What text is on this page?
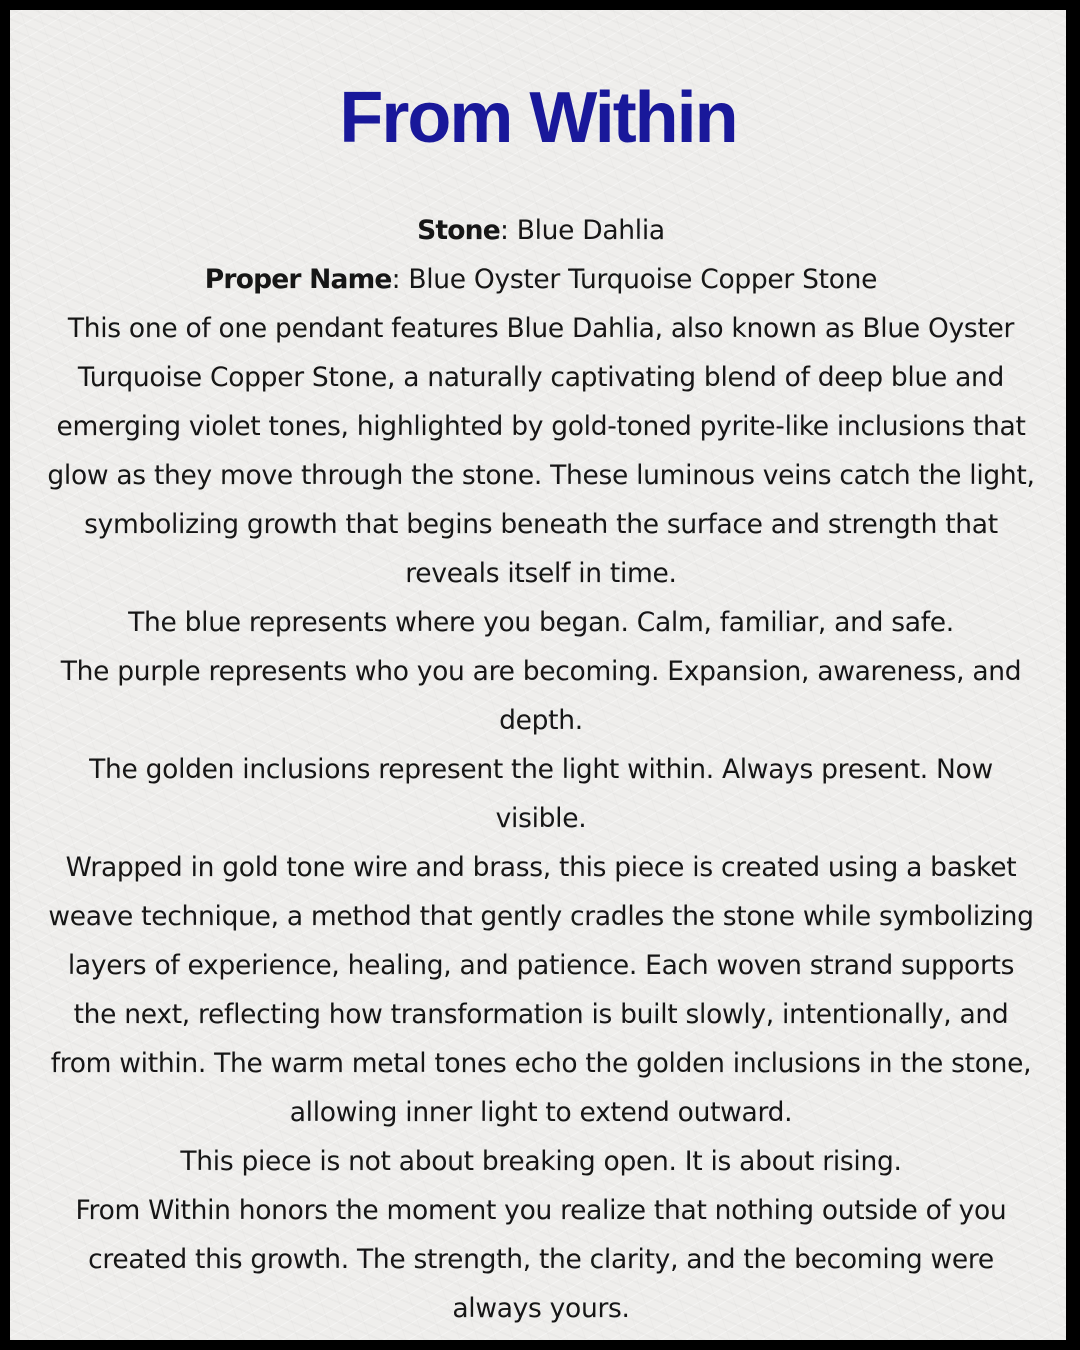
From Within

Stone: Blue Dahlia

Proper Name: Blue Oyster Turquoise Copper Stone

This one of one pendant features Blue Dahlia, also known as Blue Oyster Turquoise Copper Stone, a naturally captivating blend of deep blue and emerging violet tones, highlighted by gold-toned pyrite-like inclusions that glow as they move through the stone. These luminous veins catch the light, symbolizing growth that begins beneath the surface and strength that reveals itself in time.

The blue represents where you began. Calm, familiar, and safe.

The purple represents who you are becoming. Expansion, awareness, and depth.

The golden inclusions represent the light within. Always present. Now visible.

Wrapped in gold tone wire and brass, this piece is created using a basket weave technique, a method that gently cradles the stone while symbolizing layers of experience, healing, and patience. Each woven strand supports the next, reflecting how transformation is built slowly, intentionally, and from within. The warm metal tones echo the golden inclusions in the stone, allowing inner light to extend outward.

This piece is not about breaking open. It is about rising.

From Within honors the moment you realize that nothing outside of you created this growth. The strength, the clarity, and the becoming were always yours.
